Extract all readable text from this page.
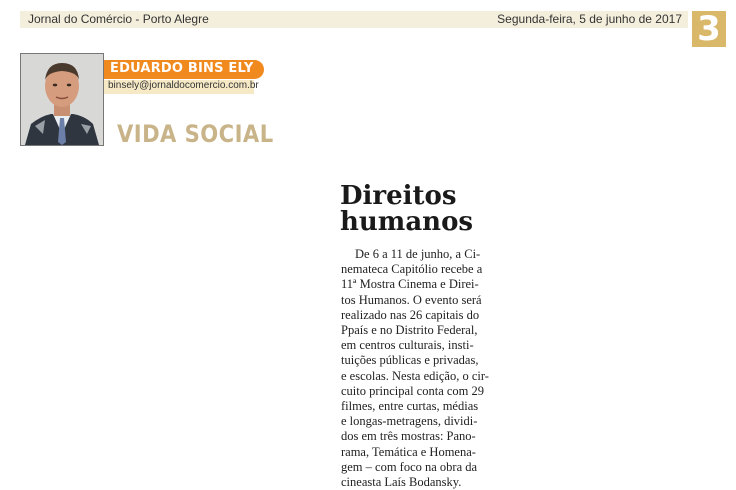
Jornal do Comércio - Porto Alegre	Segunda-feira, 5 de junho de 2017 3
EDUARDO BINS ELY
binsely@jornaldocomercio.com.br
VIDA SOCIAL
Direitos
humanos
De 6 a 11 de junho, a Ci-
nemateca Capitólio recebe a
11ª Mostra Cinema e Direi-
tos Humanos. O evento será
realizado nas 26 capitais do
Ppaís e no Distrito Federal,
em centros culturais, insti-
tuições públicas e privadas,
e escolas. Nesta edição, o cir-
cuito principal conta com 29
filmes, entre curtas, médias
e longas-metragens, dividi-
dos em três mostras: Pano-
rama, Temática e Homena-
gem – com foco na obra da
cineasta Laís Bodansky.
